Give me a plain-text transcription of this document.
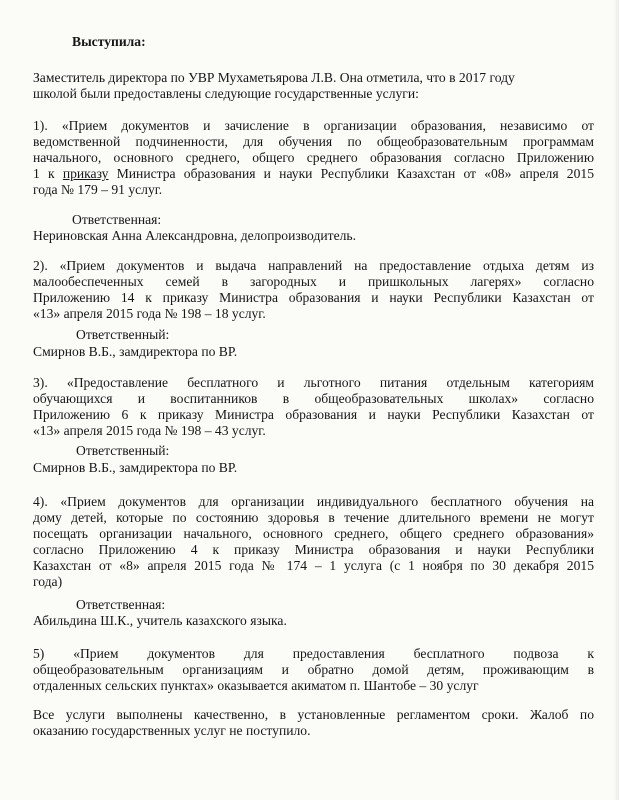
Выступила:
Заместитель директора по УВР Мухаметьярова Л.В. Она отметила, что в 2017 году
школой были предоставлены следующие государственные услуги:
1). «Прием документов и зачисление в организации образования, независимо от
ведомственной подчиненности, для обучения по общеобразовательным программам
начального, основного среднего, общего среднего образования согласно Приложению
1 к приказу Министра образования и науки Республики Казахстан от «08» апреля 2015
года № 179 – 91 услуг.
Ответственная:
Нериновская Анна Александровна, делопроизводитель.
2). «Прием документов и выдача направлений на предоставление отдыха детям из
малообеспеченных семей в загородных и пришкольных лагерях» согласно
Приложению 14 к приказу Министра образования и науки Республики Казахстан от
«13» апреля 2015 года № 198 – 18 услуг.
Ответственный:
Смирнов В.Б., замдиректора по ВР.
3). «Предоставление бесплатного и льготного питания отдельным категориям
обучающихся и воспитанников в общеобразовательных школах» согласно
Приложению 6 к приказу Министра образования и науки Республики Казахстан от
«13» апреля 2015 года № 198 – 43 услуг.
Ответственный:
Смирнов В.Б., замдиректора по ВР.
4). «Прием документов для организации индивидуального бесплатного обучения на
дому детей, которые по состоянию здоровья в течение длительного времени не могут
посещать организации начального, основного среднего, общего среднего образования»
согласно Приложению 4 к приказу Министра образования и науки Республики
Казахстан от «8» апреля 2015 года № 174 – 1 услуга (с 1 ноября по 30 декабря 2015
года)
Ответственная:
Абильдина Ш.К., учитель казахского языка.
5) «Прием документов для предоставления бесплатного подвоза к
общеобразовательным организациям и обратно домой детям, проживающим в
отдаленных сельских пунктах» оказывается акиматом п. Шантобе – 30 услуг
Все услуги выполнены качественно, в установленные регламентом сроки. Жалоб по
оказанию государственных услуг не поступило.
